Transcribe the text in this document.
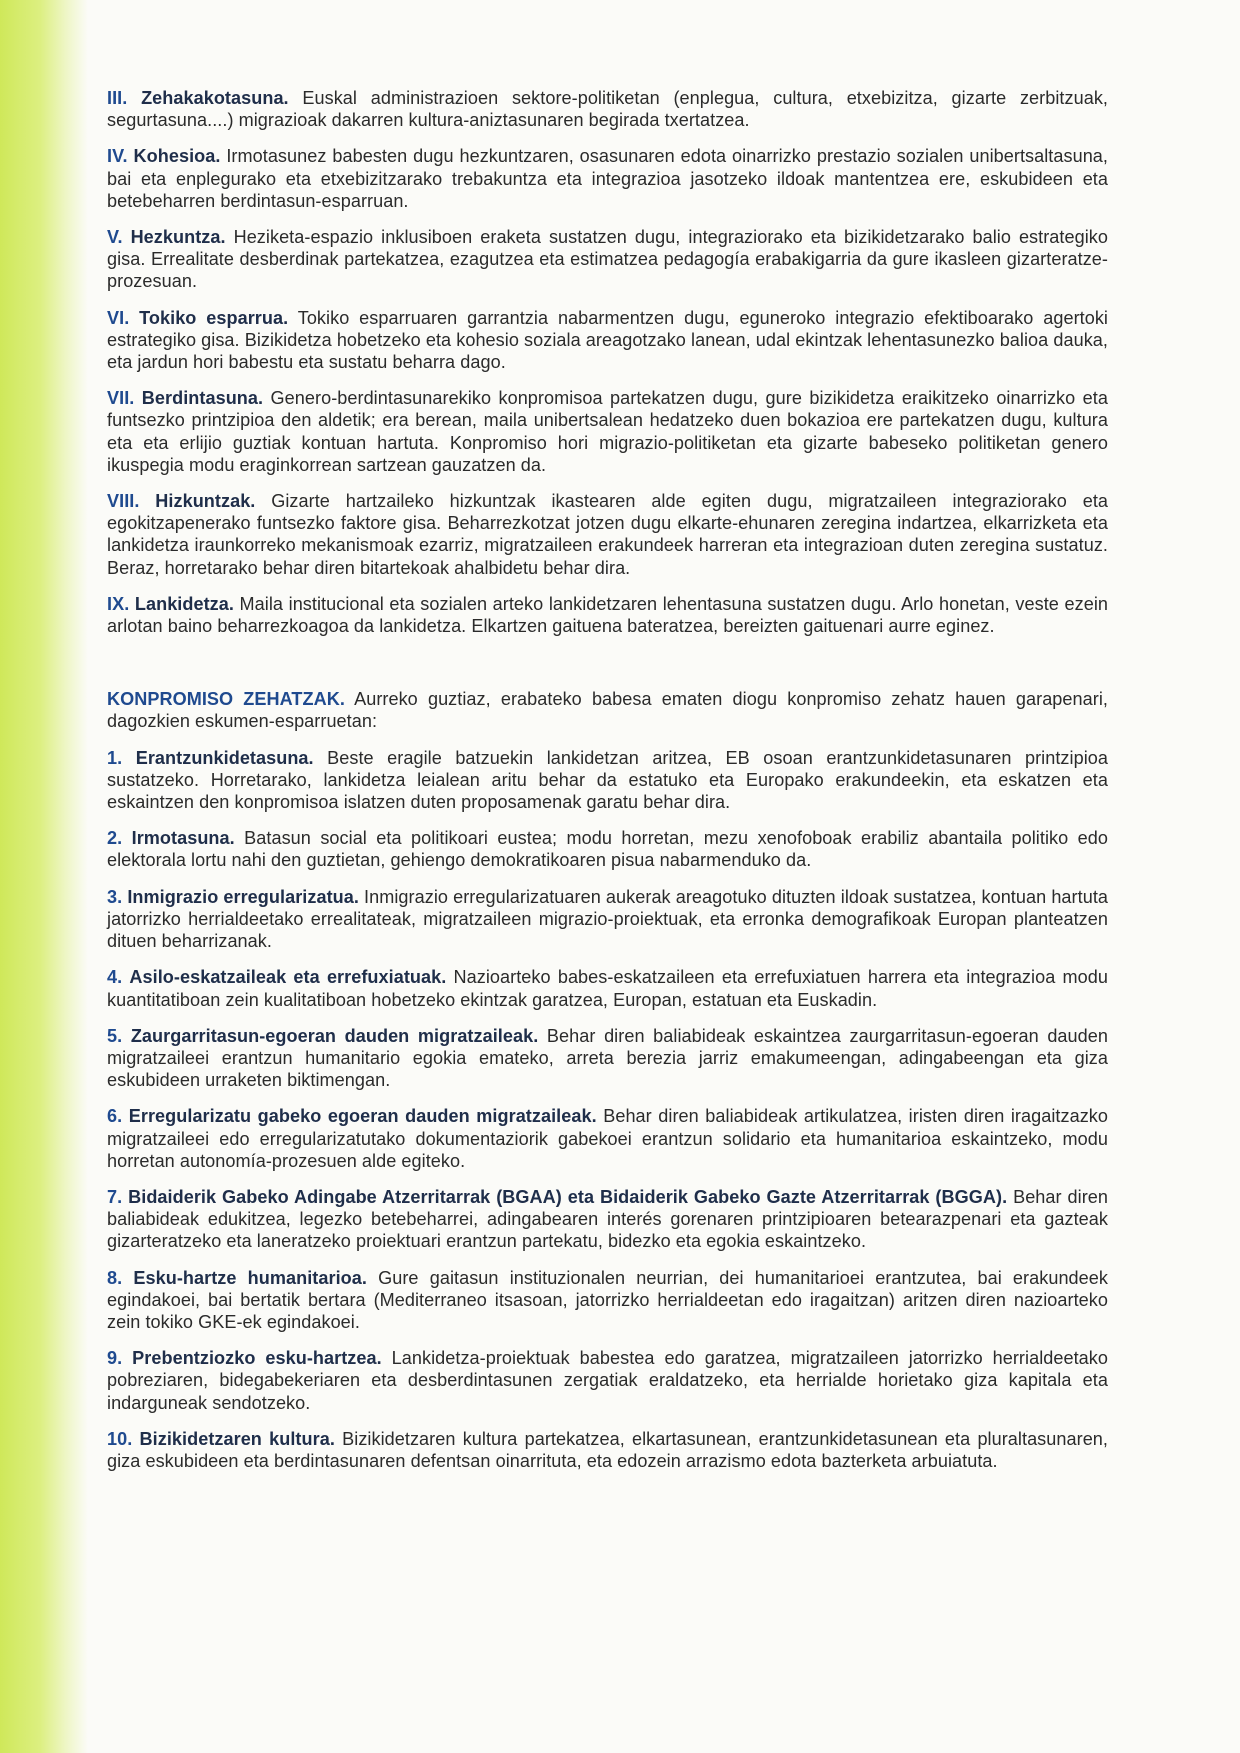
III. Zehakakotasuna. Euskal administrazioen sektore-politiketan (enplegua, cultura, etxebizitza, gizarte zerbitzuak, segurtasuna....) migrazioak dakarren kultura-aniztasunaren begirada txertatzea.

IV. Kohesioa. Irmotasunez babesten dugu hezkuntzaren, osasunaren edota oinarrizko prestazio sozialen unibertsaltasuna, bai eta enplegurako eta etxebizitzarako trebakuntza eta integrazioa jasotzeko ildoak mantentzea ere, eskubideen eta betebeharren berdintasun-esparruan.

V. Hezkuntza. Heziketa-espazio inklusiboen eraketa sustatzen dugu, integraziorako eta bizikidetzarako balio estrategiko gisa. Errealitate desberdinak partekatzea, ezagutzea eta estimatzea pedagogía erabakigarria da gure ikasleen gizarteratze-prozesuan.

VI. Tokiko esparrua. Tokiko esparruaren garrantzia nabarmentzen dugu, eguneroko integrazio efektiboarako agertoki estrategiko gisa. Bizikidetza hobetzeko eta kohesio soziala areagotzako lanean, udal ekintzak lehentasunezko balioa dauka, eta jardun hori babestu eta sustatu beharra dago.

VII. Berdintasuna. Genero-berdintasunarekiko konpromisoa partekatzen dugu, gure bizikidetza eraikitzeko oinarrizko eta funtsezko printzipioa den aldetik; era berean, maila unibertsalean hedatzeko duen bokazioa ere partekatzen dugu, kultura eta eta erlijio guztiak kontuan hartuta. Konpromiso hori migrazio-politiketan eta gizarte babeseko politiketan genero ikuspegia modu eraginkorrean sartzean gauzatzen da.

VIII. Hizkuntzak. Gizarte hartzaileko hizkuntzak ikastearen alde egiten dugu, migratzaileen integraziorako eta egokitzapenerako funtsezko faktore gisa. Beharrezkotzat jotzen dugu elkarte-ehunaren zeregina indartzea, elkarrizketa eta lankidetza iraunkorreko mekanismoak ezarriz, migratzaileen erakundeek harreran eta integrazioan duten zeregina sustatuz. Beraz, horretarako behar diren bitartekoak ahalbidetu behar dira.

IX. Lankidetza. Maila institucional eta sozialen arteko lankidetzaren lehentasuna sustatzen dugu. Arlo honetan, veste ezein arlotan baino beharrezkoagoa da lankidetza. Elkartzen gaituena bateratzea, bereizten gaituenari aurre eginez.

KONPROMISO ZEHATZAK. Aurreko guztiaz, erabateko babesa ematen diogu konpromiso zehatz hauen garapenari, dagozkien eskumen-esparruetan:

1. Erantzunkidetasuna. Beste eragile batzuekin lankidetzan aritzea, EB osoan erantzunkidetasunaren printzipioa sustatzeko. Horretarako, lankidetza leialean aritu behar da estatuko eta Europako erakundeekin, eta eskatzen eta eskaintzen den konpromisoa islatzen duten proposamenak garatu behar dira.

2. Irmotasuna. Batasun social eta politikoari eustea; modu horretan, mezu xenofoboak erabiliz abantaila politiko edo elektorala lortu nahi den guztietan, gehiengo demokratikoaren pisua nabarmenduko da.

3. Inmigrazio erregularizatua. Inmigrazio erregularizatuaren aukerak areagotuko dituzten ildoak sustatzea, kontuan hartuta jatorrizko herrialdeetako errealitateak, migratzaileen migrazio-proiektuak, eta erronka demografikoak Europan planteatzen dituen beharrizanak.

4. Asilo-eskatzaileak eta errefuxiatuak. Nazioarteko babes-eskatzaileen eta errefuxiatuen harrera eta integrazioa modu kuantitatiboan zein kualitatiboan hobetzeko ekintzak garatzea, Europan, estatuan eta Euskadin.

5. Zaurgarritasun-egoeran dauden migratzaileak. Behar diren baliabideak eskaintzea zaurgarritasun-egoeran dauden migratzaileei erantzun humanitario egokia emateko, arreta berezia jarriz emakumeengan, adingabeengan eta giza eskubideen urraketen biktimengan.

6. Erregularizatu gabeko egoeran dauden migratzaileak. Behar diren baliabideak artikulatzea, iristen diren iragaitzazko migratzaileei edo erregularizatutako dokumentaziorik gabekoei erantzun solidario eta humanitarioa eskaintzeko, modu horretan autonomía-prozesuen alde egiteko.

7. Bidaiderik Gabeko Adingabe Atzerritarrak (BGAA) eta Bidaiderik Gabeko Gazte Atzerritarrak (BGGA). Behar diren baliabideak edukitzea, legezko betebeharrei, adingabearen interés gorenaren printzipioaren betearazpenari eta gazteak gizarteratzeko eta laneratzeko proiektuari erantzun partekatu, bidezko eta egokia eskaintzeko.

8. Esku-hartze humanitarioa. Gure gaitasun instituzionalen neurrian, dei humanitarioei erantzutea, bai erakundeek egindakoei, bai bertatik bertara (Mediterraneo itsasoan, jatorrizko herrialdeetan edo iragaitzan) aritzen diren nazioarteko zein tokiko GKE-ek egindakoei.

9. Prebentziozko esku-hartzea. Lankidetza-proiektuak babestea edo garatzea, migratzaileen jatorrizko herrialdeetako pobreziaren, bidegabekeriaren eta desberdintasunen zergatiak eraldatzeko, eta herrialde horietako giza kapitala eta indarguneak sendotzeko.

10. Bizikidetzaren kultura. Bizikidetzaren kultura partekatzea, elkartasunean, erantzunkidetasunean eta pluraltasunaren, giza eskubideen eta berdintasunaren defentsan oinarrituta, eta edozein arrazismo edotа bazterketa arbuiatuta.
